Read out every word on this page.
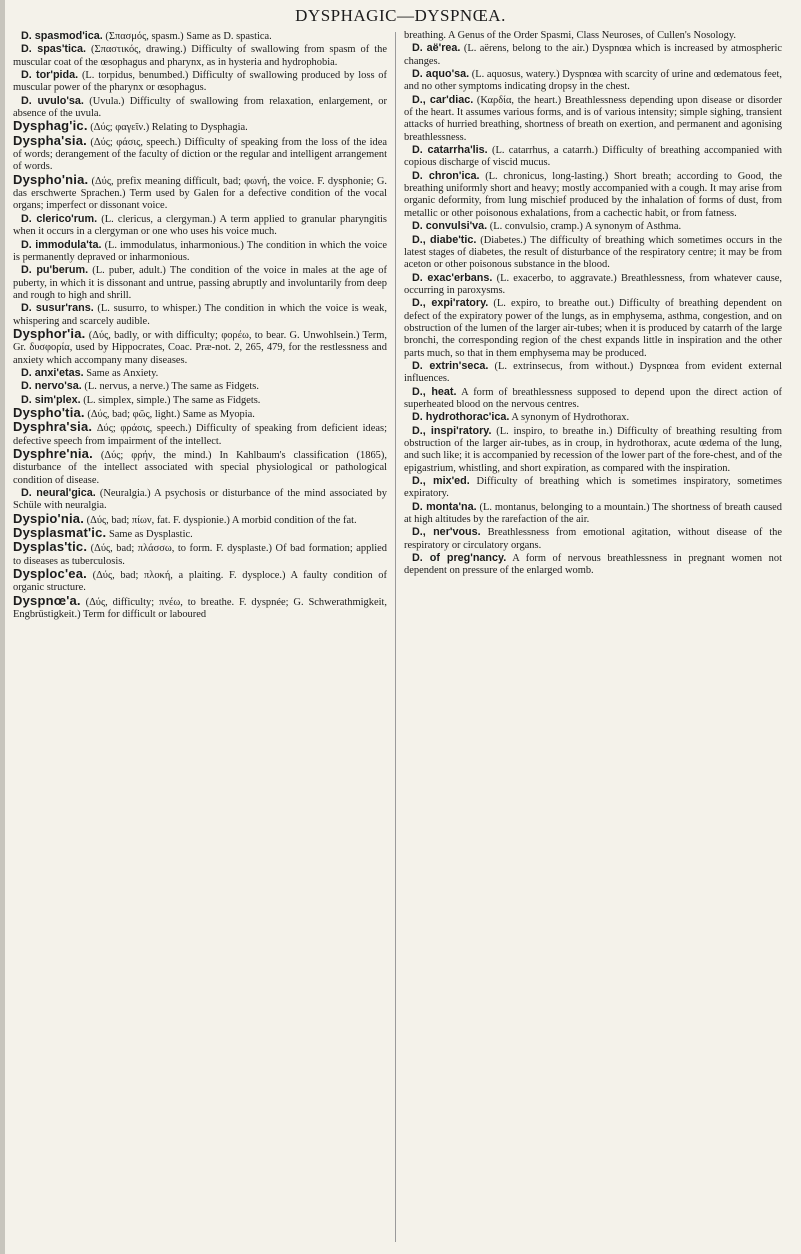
DYSPHAGIC—DYSPNŒA.

D. spasmod'ica. (Σπασμός, spasm.) Same as D. spastica.

D. spas'tica. (Σπαστικός, drawing.) Difficulty of swallowing from spasm of the muscular coat of the œsophagus and pharynx, as in hysteria and hydrophobia.

D. tor'pida. (L. torpidus, benumbed.) Difficulty of swallowing produced by loss of muscular power of the pharynx or œsophagus.

D. uvulo'sa. (Uvula.) Difficulty of swallowing from relaxation, enlargement, or absence of the uvula.

Dysphag'ic. (Δύς; φαγεῖν.) Relating to Dysphagia.

Dyspha'sia. (Δύς; φάσις, speech.) Difficulty of speaking from the loss of the idea of words; derangement of the faculty of diction or the regular and intelligent arrangement of words.

Dyspho'nia. (Δύς, prefix meaning difficult, bad; φωνή, the voice. F. dysphonie; G. das erschwerte Sprachen.) Term used by Galen for a defective condition of the vocal organs; imperfect or dissonant voice.

D. clerico'rum. (L. clericus, a clergyman.) A term applied to granular pharyngitis when it occurs in a clergyman or one who uses his voice much.

D. immodula'ta. (L. immodulatus, inharmonious.) The condition in which the voice is permanently depraved or inharmonious.

D. pu'berum. (L. puber, adult.) The condition of the voice in males at the age of puberty, in which it is dissonant and untrue, passing abruptly and involuntarily from deep and rough to high and shrill.

D. susur'rans. (L. susurro, to whisper.) The condition in which the voice is weak, whispering and scarcely audible.

Dysphor'ia. (Δύς, badly, or with difficulty; φορέω, to bear. G. Unwohlsein.) Term, Gr. δυσφορία, used by Hippocrates, Coac. Præ-not. 2, 265, 479, for the restlessness and anxiety which accompany many diseases.

D. anxi'etas. Same as Anxiety.

D. nervo'sa. (L. nervus, a nerve.) The same as Fidgets.

D. sim'plex. (L. simplex, simple.) The same as Fidgets.

Dyspho'tia. (Δύς, bad; φῶς, light.) Same as Myopia.

Dysphra'sia. Δύς; φράσις, speech.) Difficulty of speaking from deficient ideas; defective speech from impairment of the intellect.

Dysphre'nia. (Δύς; φρήν, the mind.) In Kahlbaum's classification (1865), disturbance of the intellect associated with special physiological or pathological condition of disease.

D. neural'gica. (Neuralgia.) A psychosis or disturbance of the mind associated by Schüle with neuralgia.

Dyspio'nia. (Δύς, bad; πίων, fat. F. dyspionie.) A morbid condition of the fat.

Dysplasmat'ic. Same as Dysplastic.

Dysplas'tic. (Δύς, bad; πλάσσω, to form. F. dysplaste.) Of bad formation; applied to diseases as tuberculosis.

Dysploc'ea. (Δύς, bad; πλοκή, a plaiting. F. dysploce.) A faulty condition of organic structure.

Dyspnœ'a. (Δύς, difficulty; πνέω, to breathe. F. dyspnée; G. Schwerathmigkeit, Engbrüstigkeit.) Term for difficult or laboured

breathing. A Genus of the Order Spasmi, Class Neuroses, of Cullen's Nosology.

D. aë'rea. (L. aërens, belong to the air.) Dyspnœa which is increased by atmospheric changes.

D. aquo'sa. (L. aquosus, watery.) Dyspnœa with scarcity of urine and œdematous feet, and no other symptoms indicating dropsy in the chest.

D., car'diac. (Καρδία, the heart.) Breathlessness depending upon disease or disorder of the heart. It assumes various forms, and is of various intensity; simple sighing, transient attacks of hurried breathing, shortness of breath on exertion, and permanent and agonising breathlessness.

D. catarrha'lis. (L. catarrhus, a catarrh.) Difficulty of breathing accompanied with copious discharge of viscid mucus.

D. chron'ica. (L. chronicus, long-lasting.) Short breath; according to Good, the breathing uniformly short and heavy; mostly accompanied with a cough. It may arise from organic deformity, from lung mischief produced by the inhalation of forms of dust, from metallic or other poisonous exhalations, from a cachectic habit, or from fatness.

D. convulsi'va. (L. convulsio, cramp.) A synonym of Asthma.

D., diabe'tic. (Diabetes.) The difficulty of breathing which sometimes occurs in the latest stages of diabetes, the result of disturbance of the respiratory centre; it may be from aceton or other poisonous substance in the blood.

D. exac'erbans. (L. exacerbo, to aggravate.) Breathlessness, from whatever cause, occurring in paroxysms.

D., expi'ratory. (L. expiro, to breathe out.) Difficulty of breathing dependent on defect of the expiratory power of the lungs, as in emphysema, asthma, congestion, and on obstruction of the lumen of the larger air-tubes; when it is produced by catarrh of the large bronchi, the corresponding region of the chest expands little in inspiration and the other parts much, so that in them emphysema may be produced.

D. extrin'seca. (L. extrinsecus, from without.) Dyspnœa from evident external influences.

D., heat. A form of breathlessness supposed to depend upon the direct action of superheated blood on the nervous centres.

D. hydrothorac'ica. A synonym of Hydrothorax.

D., inspi'ratory. (L. inspiro, to breathe in.) Difficulty of breathing resulting from obstruction of the larger air-tubes, as in croup, in hydrothorax, acute œdema of the lung, and such like; it is accompanied by recession of the lower part of the fore-chest, and of the epigastrium, whistling, and short expiration, as compared with the inspiration.

D., mix'ed. Difficulty of breathing which is sometimes inspiratory, sometimes expiratory.

D. monta'na. (L. montanus, belonging to a mountain.) The shortness of breath caused at high altitudes by the rarefaction of the air.

D., ner'vous. Breathlessness from emotional agitation, without disease of the respiratory or circulatory organs.

D. of preg'nancy. A form of nervous breathlessness in pregnant women not dependent on pressure of the enlarged womb.
